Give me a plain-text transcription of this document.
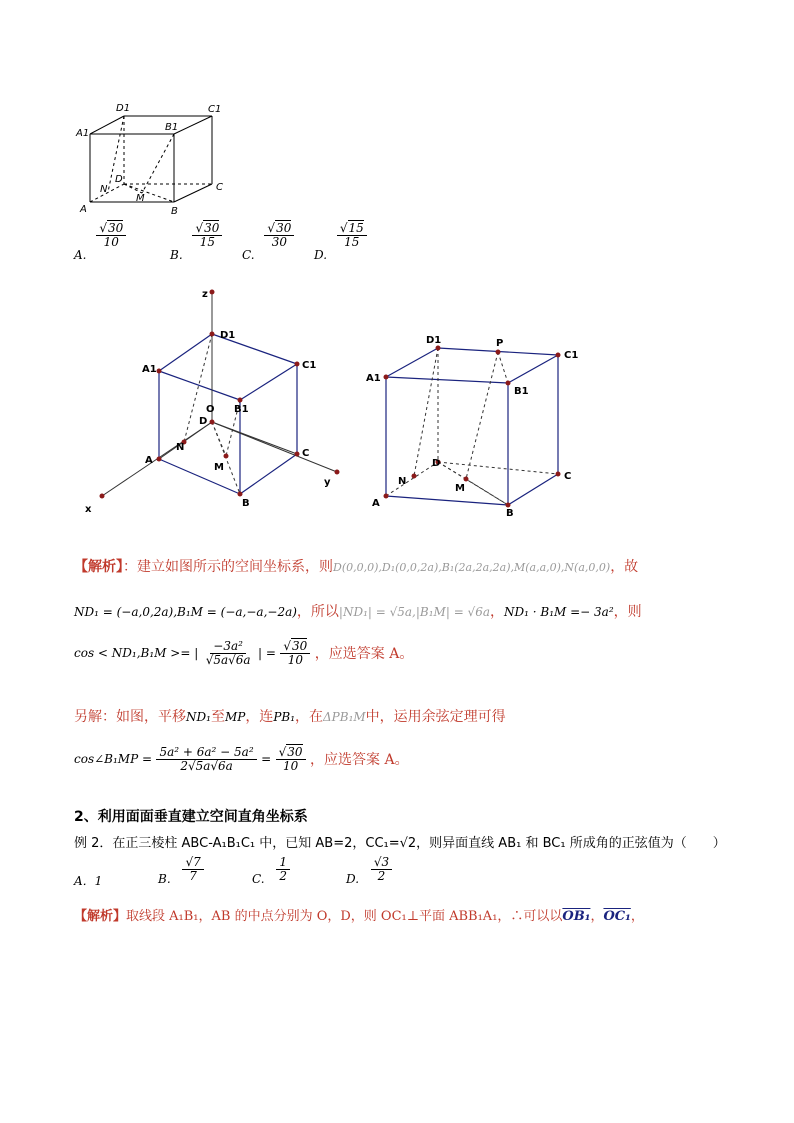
D1	C1
A1
B1
D
C
N
M
A	B
A.
$\frac{√30}{10}$
B.
$\frac{√30}{15}$
C.
$\frac{√30}{30}$
D.
$\frac{√15}{15}$
z
D1
A1	C1
O B1
D
N
A
M
C
y
B
x
D1	P
C1
A1
B1
N
D
M
C
A
B
【解析】：建立如图所示的空间坐标系，则D(0,0,0),D₁(0,0,2a),B₁(2a,2a,2a),M(a,a,0),N(a,0,0)，故
ND₁ = (−a,0,2a),B₁M = (−a,−a,−2a)，所以|ND₁| = √5a,|B₁M| = √6a，ND₁ · B₁M =− 3a²，则
cos < ND₁,B₁M >= | $\frac{\text{−3a²}}{√5a√6a}$ | = $\frac{√30}{10}$ ，应选答案 A。
另解：如图，平移ND₁至MP，连PB₁，在ΔPB₁M中，运用余弦定理可得
cos∠B₁MP = $\frac{\text{5a² + 6a² − 5a²}}{2√5a√6a} = \frac{√30}{10}$ ，应选答案 A。
2、利用面面垂直建立空间直角坐标系
例 2．在正三棱柱 ABC-A₁B₁C₁ 中，已知 AB=2，CC₁=√2，则异面直线 AB₁ 和 BC₁ 所成角的正弦值为（　　）
A．1	B. $\frac{√7}{7}$	C. $\frac{1}{2}$	D. $\frac{√3}{2}$
【解析】取线段 A₁B₁，AB 的中点分别为 O，D，则 OC₁⊥平面 ABB₁A₁，∴可以以OB₁，OC₁，
